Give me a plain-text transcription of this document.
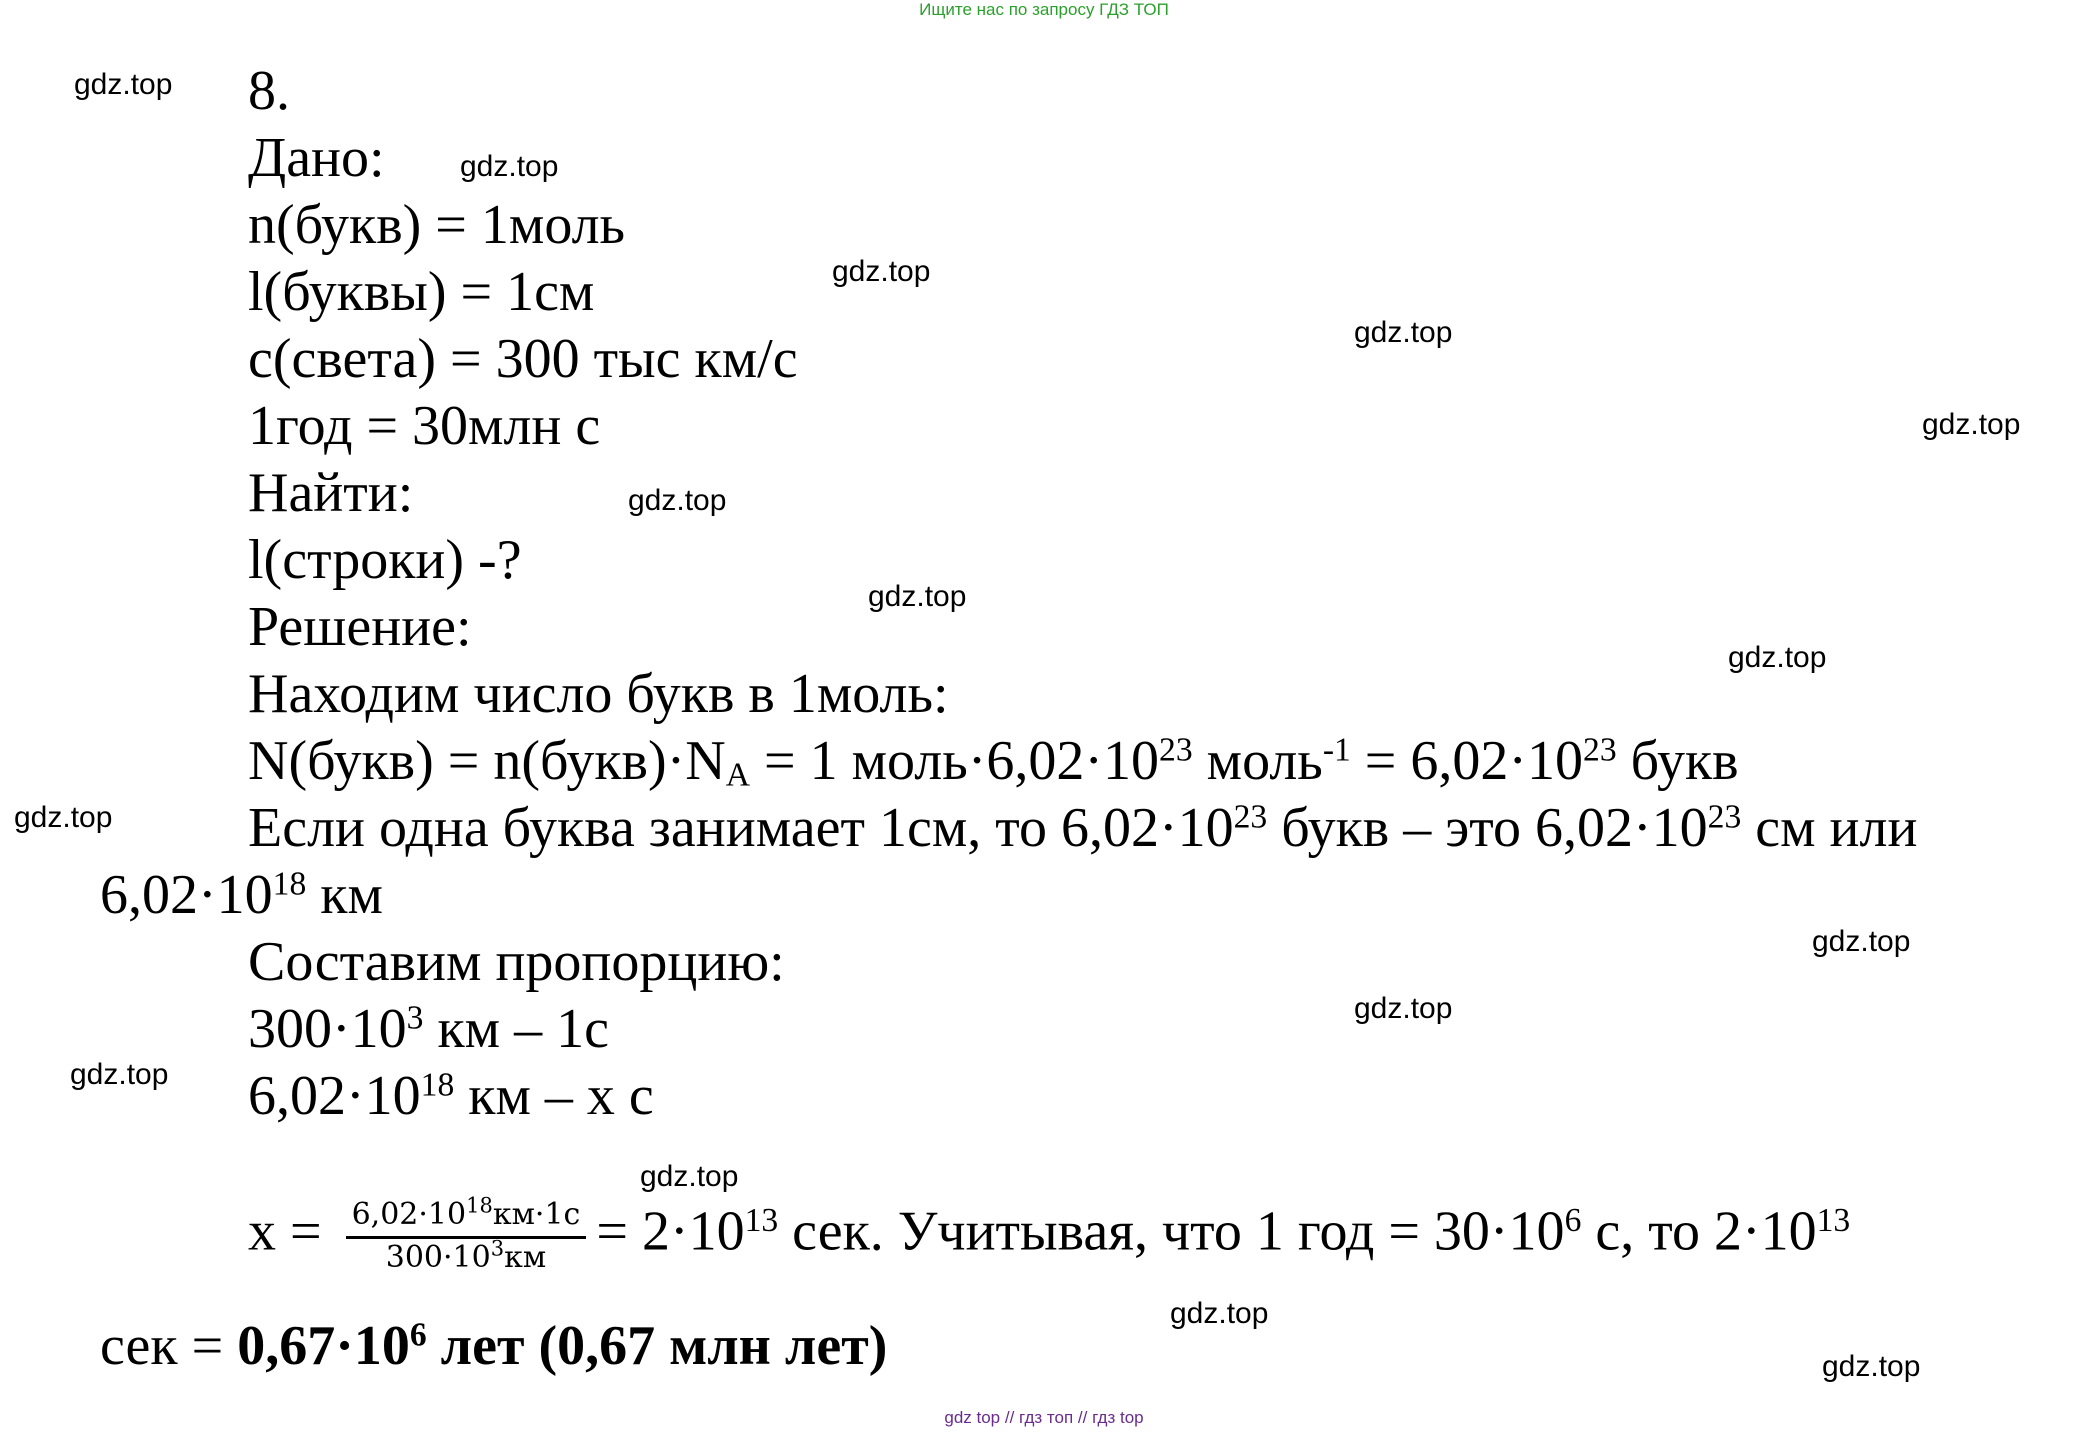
Ищите нас по запросу ГДЗ ТОП
gdz.top
gdz.top
gdz.top
gdz.top
gdz.top
gdz.top
gdz.top
gdz.top
gdz.top
gdz.top
gdz.top
gdz.top
gdz.top
gdz.top
gdz.top
8.
Дано:
n(букв) = 1моль
l(буквы) = 1см
с(света) = 300 тыс км/с
1год = 30млн с
Найти:
l(строки) -?
Решение:
Находим число букв в 1моль:
N(букв) = $n(букв)\cdot N_A = 1$ $моль\cdot 6,02\cdot 10^{23}$ моль$^{-1}$ = $6,02\cdot 10^{23}$ букв
Если одна буква занимает 1см, то $6,02\cdot 10^{23}$ букв – это $6,02\cdot 10^{23}$ см или
$6,02\cdot 10^{18}$ км
Составим пропорцию:
$300\cdot 10^3$ км – 1с
$6,02\cdot 10^{18}$ км – х с
$x = \frac{6,02\cdot 10^{18}км\cdot 1с}{300\cdot 10^3км} = 2\cdot 10^{13}$ сек. Учитывая, что 1 год = $30\cdot 10^6$ с, то $2\cdot 10^{13}$
сек = $0,67\cdot 10^6$ лет (0,67 млн лет)
gdz top // гдз топ // гдз top
